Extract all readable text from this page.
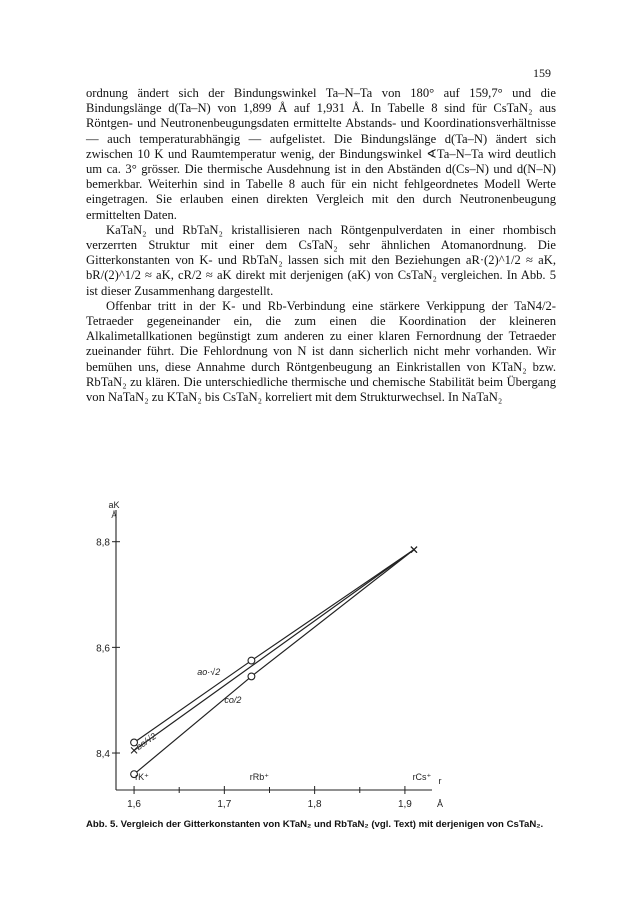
159

ordnung ändert sich der Bindungswinkel Ta–N–Ta von 180° auf 159,7° und die Bindungslänge d(Ta–N) von 1,899 Å auf 1,931 Å. In Tabelle 8 sind für CsTaN₂ aus Röntgen- und Neutronenbeugungsdaten ermittelte Abstands- und Koordinationsverhältnisse — auch temperaturabhängig — aufgelistet. Die Bindungslänge d(Ta–N) ändert sich zwischen 10 K und Raumtemperatur wenig, der Bindungswinkel ∢Ta–N–Ta wird deutlich um ca. 3° grösser. Die thermische Ausdehnung ist in den Abständen d(Cs–N) und d(N–N) bemerkbar. Weiterhin sind in Tabelle 8 auch für ein nicht fehlgeordnetes Modell Werte eingetragen. Sie erlauben einen direkten Vergleich mit den durch Neutronenbeugung ermittelten Daten.

KaTaN₂ und RbTaN₂ kristallisieren nach Röntgenpulverdaten in einer rhombisch verzerrten Struktur mit einer dem CsTaN₂ sehr ähnlichen Atomanordnung. Die Gitterkonstanten von K- und RbTaN₂ lassen sich mit den Beziehungen aR·(2)^1/2 ≈ aK, bR/(2)^1/2 ≈ aK, cR/2 ≈ aK direkt mit derjenigen (aK) von CsTaN₂ vergleichen. In Abb. 5 ist dieser Zusammenhang dargestellt.

Offenbar tritt in der K- und Rb-Verbindung eine stärkere Verkippung der TaN4/2-Tetraeder gegeneinander ein, die zum einen die Koordination der kleineren Alkalimetallkationen begünstigt zum anderen zu einer klaren Fernordnung der Tetraeder zueinander führt. Die Fehlordnung von N ist dann sicherlich nicht mehr vorhanden. Wir bemühen uns, diese Annahme durch Röntgenbeugung an Einkristallen von KTaN₂ bzw. RbTaN₂ zu klären. Die unterschiedliche thermische und chemische Stabilität beim Übergang von NaTaN₂ zu KTaN₂ bis CsTaN₂ korreliert mit dem Strukturwechsel. In NaTaN₂

8,4
8,6
8,8
1,6	1,7	1,8	1,9
aK
Å
r
Å
rK⁺	rRb⁺	rCs⁺
ao·√2
co/2
bo/√2

Abb. 5. Vergleich der Gitterkonstanten von KTaN₂ und RbTaN₂ (vgl. Text) mit derjenigen von CsTaN₂.
